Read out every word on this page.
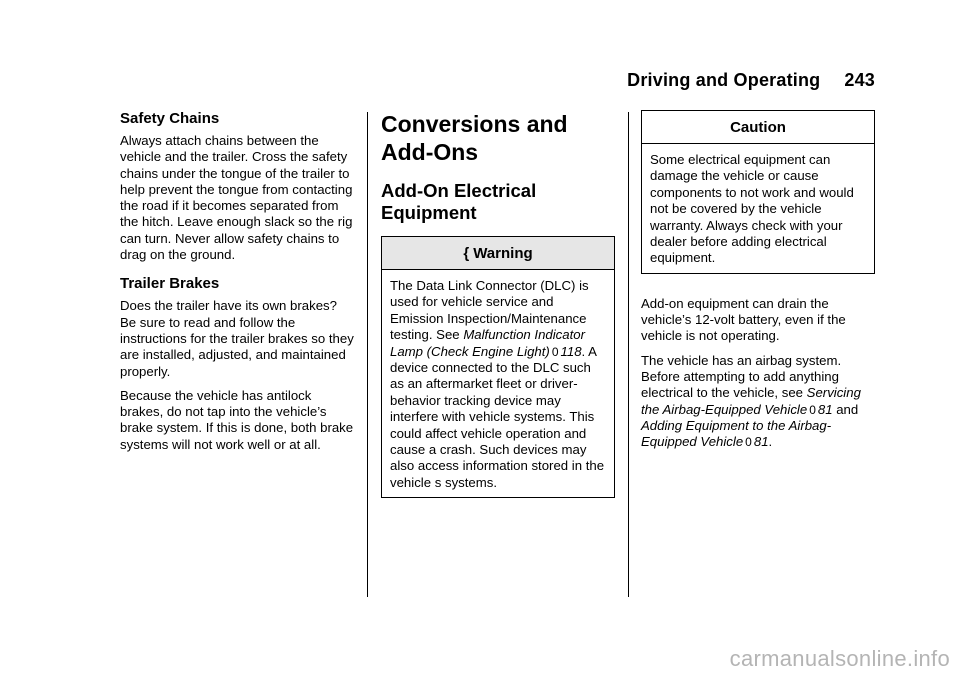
Driving and Operating 243
Safety Chains

Always attach chains between the vehicle and the trailer. Cross the safety chains under the tongue of the trailer to help prevent the tongue from contacting the road if it becomes separated from the hitch. Leave enough slack so the rig can turn. Never allow safety chains to drag on the ground.

Trailer Brakes

Does the trailer have its own brakes? Be sure to read and follow the instructions for the trailer brakes so they are installed, adjusted, and maintained properly.

Because the vehicle has antilock brakes, do not tap into the vehicle’s brake system. If this is done, both brake systems will not work well or at all.

Conversions and
Add-Ons
Add-On Electrical
Equipment
{ Warning

The Data Link Connector (DLC) is used for vehicle service and Emission Inspection/Maintenance testing. See Malfunction Indicator Lamp (Check Engine Light) 0 118. A device connected to the DLC such as an aftermarket fleet or driver-behavior tracking device may interfere with vehicle systems. This could affect vehicle operation and cause a crash. Such devices may also access information stored in the vehicle s systems.

Caution

Some electrical equipment can damage the vehicle or cause components to not work and would not be covered by the vehicle warranty. Always check with your dealer before adding electrical equipment.

Add-on equipment can drain the vehicle’s 12-volt battery, even if the vehicle is not operating.

The vehicle has an airbag system. Before attempting to add anything electrical to the vehicle, see Servicing the Airbag-Equipped Vehicle 0 81 and Adding Equipment to the Airbag-Equipped Vehicle 0 81.

carmanualsonline.info
